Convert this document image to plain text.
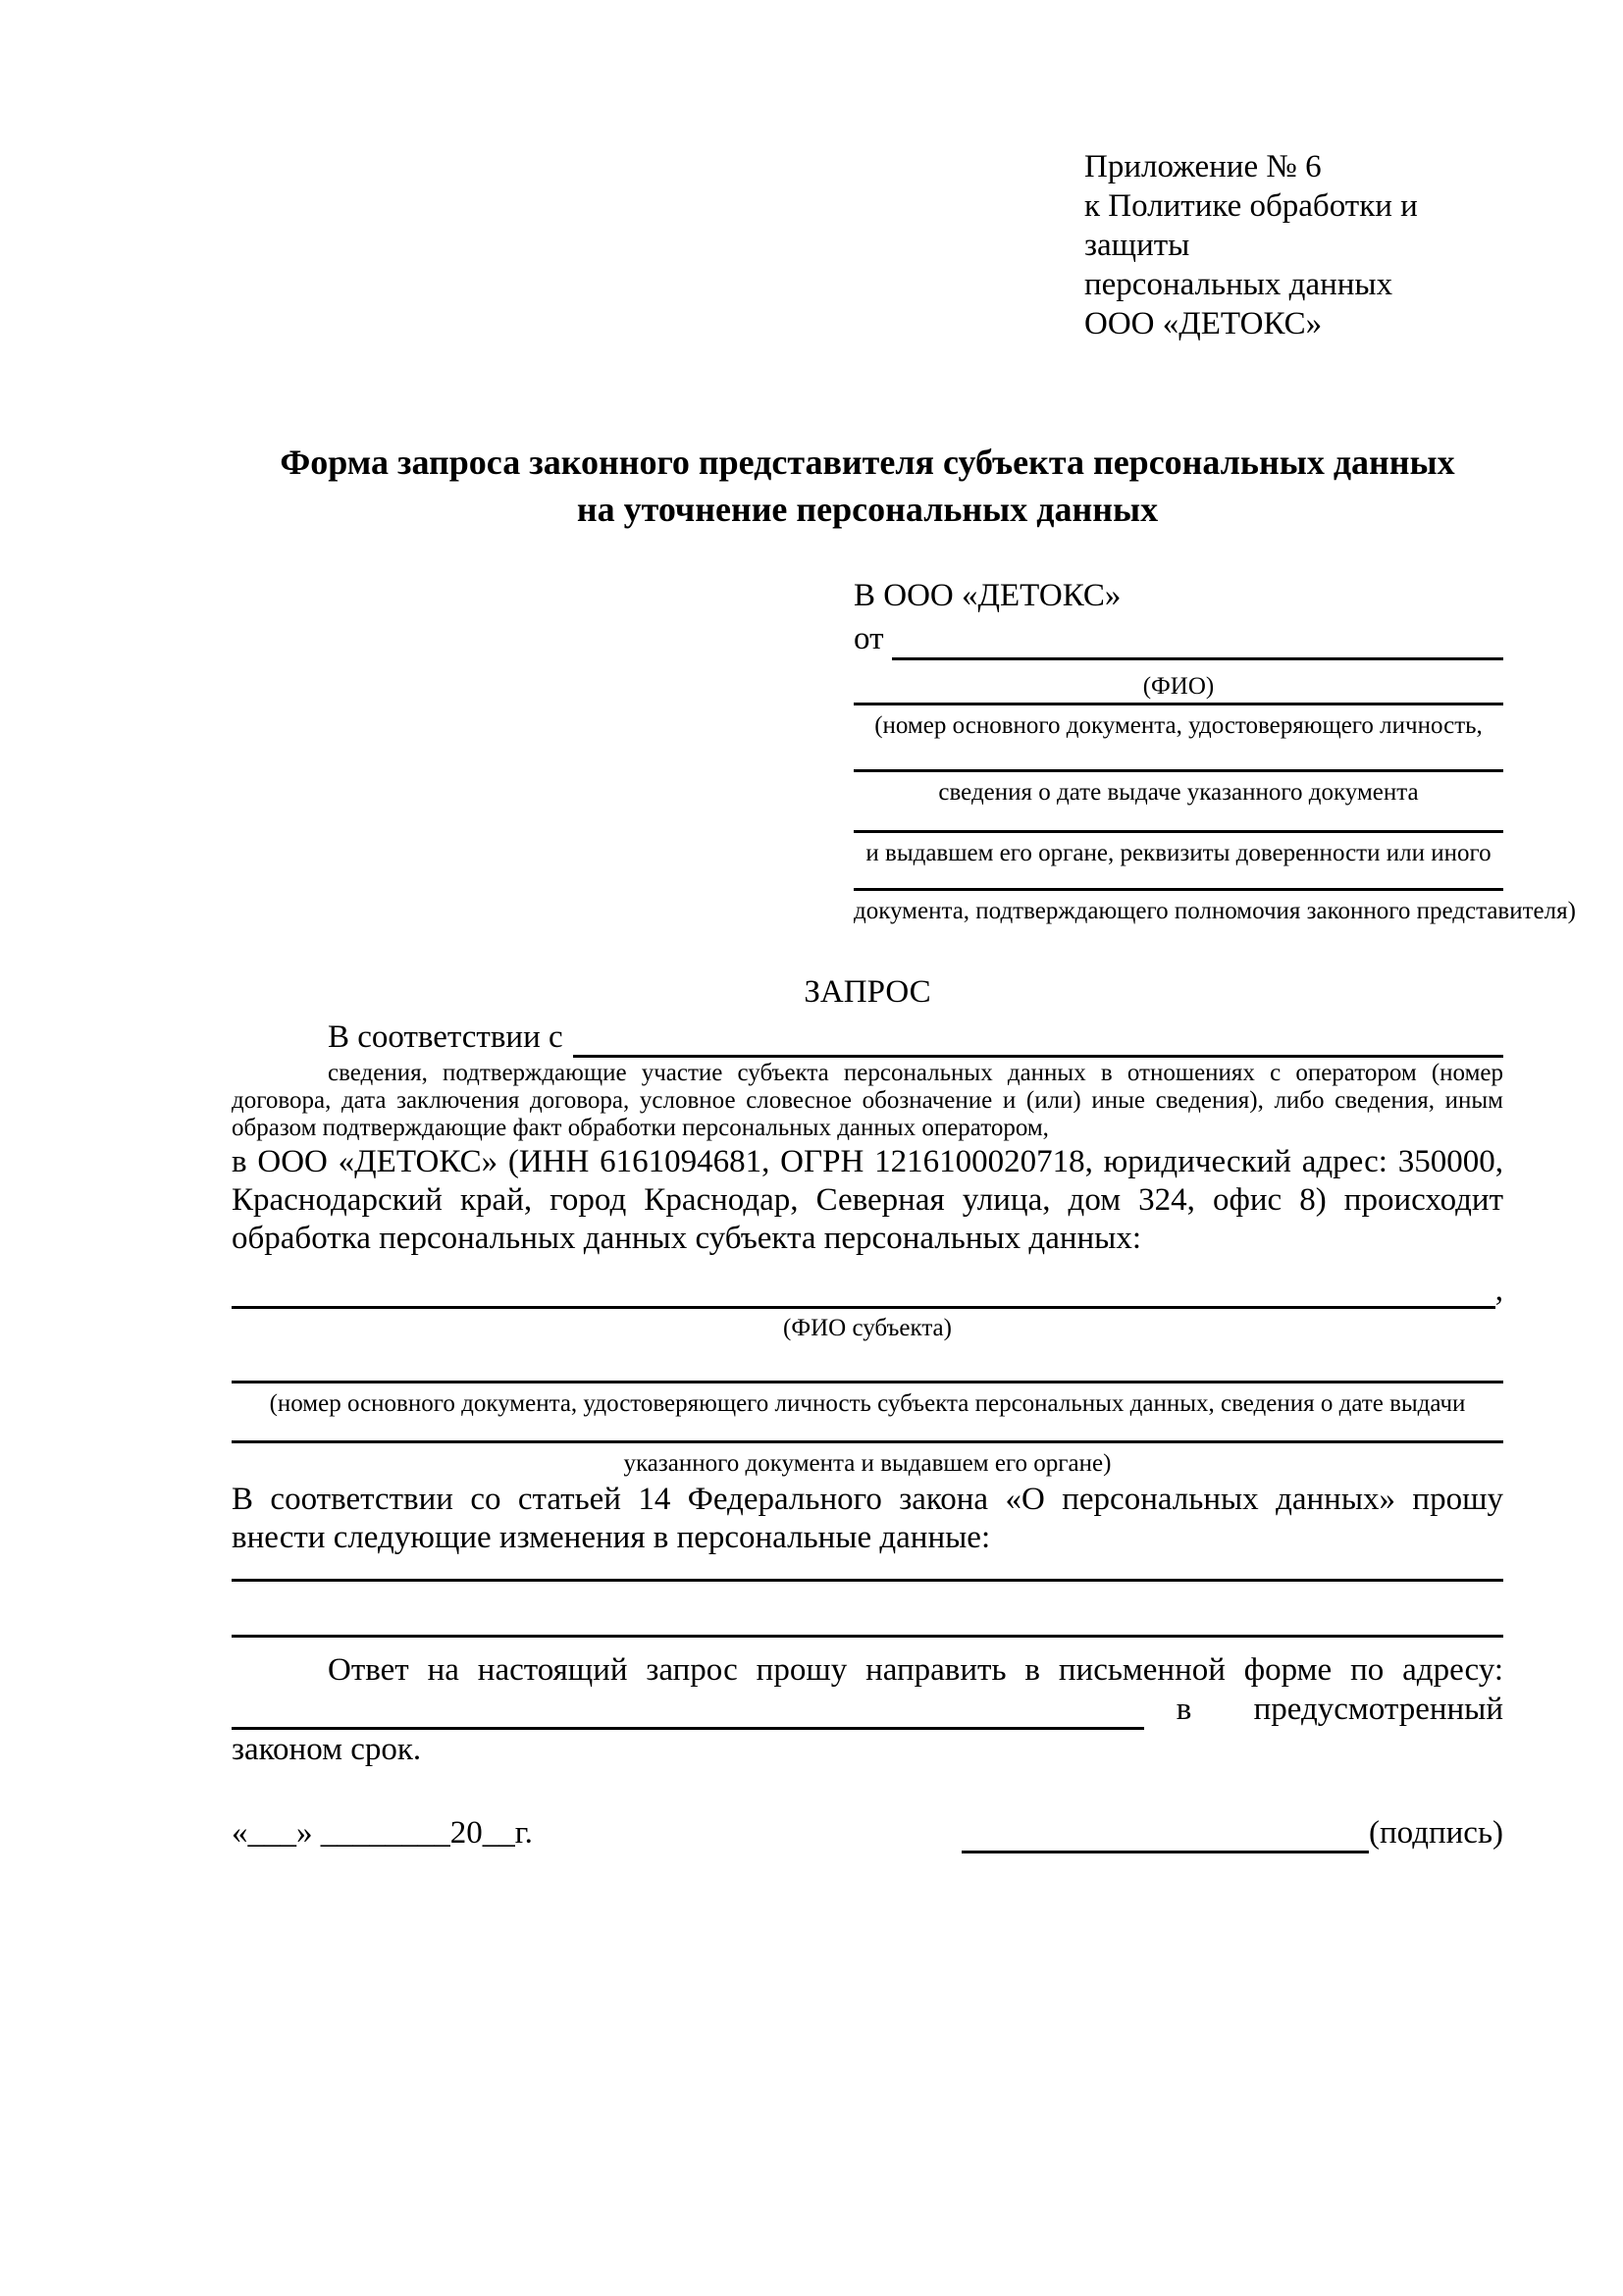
Приложение № 6
к Политике обработки и защиты
персональных данных
ООО «ДЕТОКС»
Форма запроса законного представителя субъекта персональных данных
на уточнение персональных данных
В ООО «ДЕТОКС»
от
(ФИО)
(номер основного документа, удостоверяющего личность,
сведения о дате выдаче указанного документа
и выдавшем его органе, реквизиты доверенности или иного
документа, подтверждающего полномочия законного представителя)
ЗАПРОС
В соответствии с
сведения, подтверждающие участие субъекта персональных данных в отношениях с оператором (номер договора, дата заключения договора, условное словесное обозначение и (или) иные сведения), либо сведения, иным образом подтверждающие факт обработки персональных данных оператором,
в ООО «ДЕТОКС» (ИНН 6161094681, ОГРН 1216100020718, юридический адрес: 350000, Краснодарский край, город Краснодар, Северная улица, дом 324, офис 8) происходит обработка персональных данных субъекта персональных данных:
,
(ФИО субъекта)
(номер основного документа, удостоверяющего личность субъекта персональных данных, сведения о дате выдачи
указанного документа и выдавшем его органе)
В соответствии со статьей 14 Федерального закона «О персональных данных» прошу внести следующие изменения в персональные данные:
Ответ на настоящий запрос прошу направить в письменной форме по адресу:
в предусмотренный
законом срок.
«___» ________20__г.	(подпись)
